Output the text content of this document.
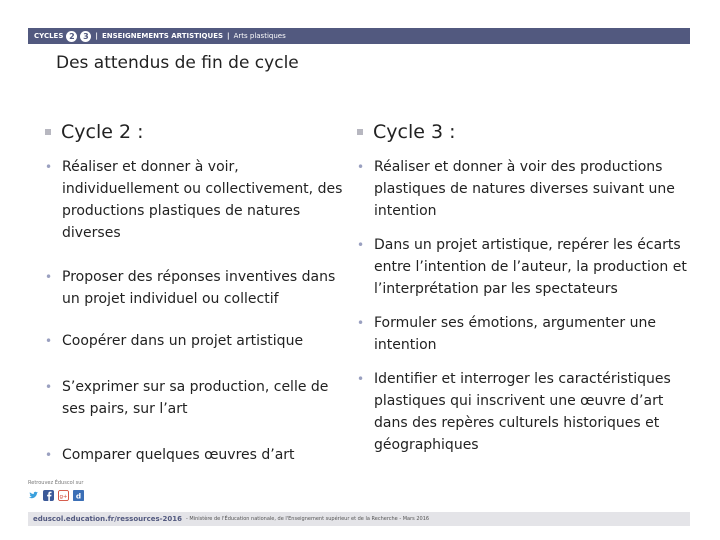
CYCLES 2	3 | ENSEIGNEMENTS ARTISTIQUES | Arts plastiques
Des attendus de fin de cycle
Cycle 2 :
• Réaliser et donner à voir, individuellement ou collectivement, des productions plastiques de natures diverses
• Proposer des réponses inventives dans un projet individuel ou collectif
• Coopérer dans un projet artistique
• S’exprimer sur sa production, celle de ses pairs, sur l’art
• Comparer quelques œuvres d’art
Cycle 3 :
• Réaliser et donner à voir des productions plastiques de natures diverses suivant une intention
• Dans un projet artistique, repérer les écarts entre l’intention de l’auteur, la production et l’interprétation par les spectateurs
• Formuler ses émotions, argumenter une intention
• Identifier et interroger les caractéristiques plastiques qui inscrivent une œuvre d’art dans des repères culturels historiques et géographiques
Retrouvez Éduscol sur
g+ d
eduscol.education.fr/ressources-2016 - Ministère de l'Éducation nationale, de l'Enseignement supérieur et de la Recherche - Mars 2016
